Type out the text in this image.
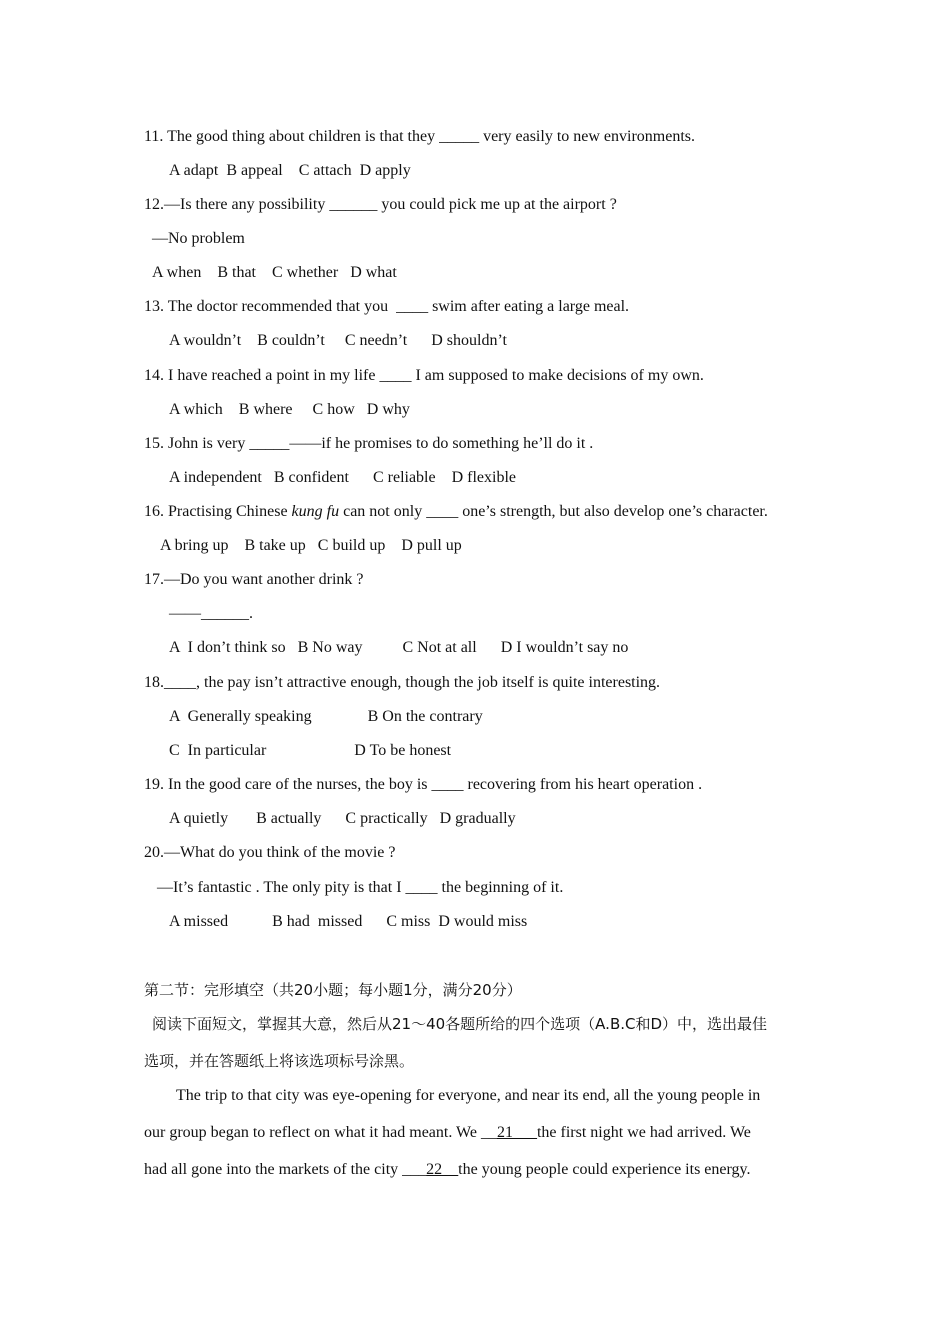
11. The good thing about children is that they _____ very easily to new environments.
A adapt  B appeal    C attach  D apply
12.—Is there any possibility ______ you could pick me up at the airport ?
—No problem
A when    B that    C whether   D what
13. The doctor recommended that you  ____ swim after eating a large meal.
A wouldn’t    B couldn’t     C needn’t      D shouldn’t
14. I have reached a point in my life ____ I am supposed to make decisions of my own.
A which    B where     C how   D why
15. John is very _____——if he promises to do something he’ll do it .
A independent   B confident      C reliable    D flexible
16. Practising Chinese kung fu can not only ____ one’s strength, but also develop one’s character.
A bring up    B take up   C build up    D pull up
17.—Do you want another drink ?
——______.
A  I don’t think so   B No way          C Not at all      D I wouldn’t say no
18.____, the pay isn’t attractive enough, though the job itself is quite interesting.
A  Generally speaking              B On the contrary
C  In particular                      D To be honest
19. In the good care of the nurses, the boy is ____ recovering from his heart operation .
A quietly       B actually      C practically   D gradually
20.—What do you think of the movie ?
—It’s fantastic . The only pity is that I ____ the beginning of it.
A missed           B had  missed      C miss  D would miss
第二节：完形填空（共20小题；每小题1分，满分20分）
阅读下面短文，掌握其大意，然后从21～40各题所给的四个选项（A.B.C和D）中，选出最佳
选项，并在答题纸上将该选项标号涂黑。
The trip to that city was eye-opening for everyone, and near its end, all the young people in
our group began to reflect on what it had meant. We __21___the first night we had arrived. We
had all gone into the markets of the city ___22__the young people could experience its energy.
